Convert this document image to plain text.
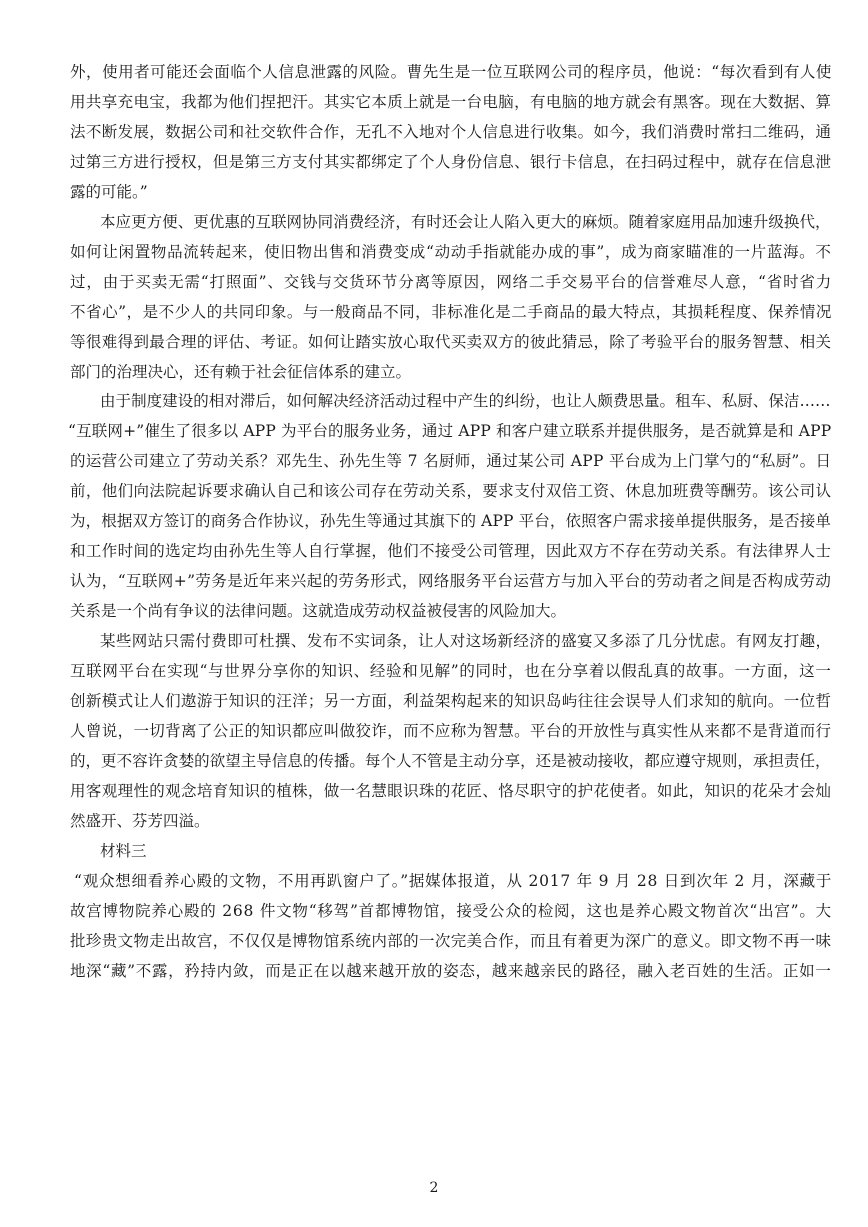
外，使用者可能还会面临个人信息泄露的风险。曹先生是一位互联网公司的程序员，他说：“每次看到有人使
用共享充电宝，我都为他们捏把汗。其实它本质上就是一台电脑，有电脑的地方就会有黑客。现在大数据、算
法不断发展，数据公司和社交软件合作，无孔不入地对个人信息进行收集。如今，我们消费时常扫二维码，通
过第三方进行授权，但是第三方支付其实都绑定了个人身份信息、银行卡信息，在扫码过程中，就存在信息泄
露的可能。”
本应更方便、更优惠的互联网协同消费经济，有时还会让人陷入更大的麻烦。随着家庭用品加速升级换代，
如何让闲置物品流转起来，使旧物出售和消费变成“动动手指就能办成的事”，成为商家瞄准的一片蓝海。不
过，由于买卖无需“打照面”、交钱与交货环节分离等原因，网络二手交易平台的信誉难尽人意，“省时省力
不省心”，是不少人的共同印象。与一般商品不同，非标准化是二手商品的最大特点，其损耗程度、保养情况
等很难得到最合理的评估、考证。如何让踏实放心取代买卖双方的彼此猜忌，除了考验平台的服务智慧、相关
部门的治理决心，还有赖于社会征信体系的建立。
由于制度建设的相对滞后，如何解决经济活动过程中产生的纠纷，也让人颇费思量。租车、私厨、保洁……
“互联网+”催生了很多以 APP 为平台的服务业务，通过 APP 和客户建立联系并提供服务，是否就算是和 APP
的运营公司建立了劳动关系？邓先生、孙先生等 7 名厨师，通过某公司 APP 平台成为上门掌勺的“私厨”。日
前，他们向法院起诉要求确认自己和该公司存在劳动关系，要求支付双倍工资、休息加班费等酬劳。该公司认
为，根据双方签订的商务合作协议，孙先生等通过其旗下的 APP 平台，依照客户需求接单提供服务，是否接单
和工作时间的选定均由孙先生等人自行掌握，他们不接受公司管理，因此双方不存在劳动关系。有法律界人士
认为，“互联网+”劳务是近年来兴起的劳务形式，网络服务平台运营方与加入平台的劳动者之间是否构成劳动
关系是一个尚有争议的法律问题。这就造成劳动权益被侵害的风险加大。
某些网站只需付费即可杜撰、发布不实词条，让人对这场新经济的盛宴又多添了几分忧虑。有网友打趣，
互联网平台在实现“与世界分享你的知识、经验和见解”的同时，也在分享着以假乱真的故事。一方面，这一
创新模式让人们遨游于知识的汪洋；另一方面，利益架构起来的知识岛屿往往会误导人们求知的航向。一位哲
人曾说，一切背离了公正的知识都应叫做狡诈，而不应称为智慧。平台的开放性与真实性从来都不是背道而行
的，更不容许贪婪的欲望主导信息的传播。每个人不管是主动分享，还是被动接收，都应遵守规则，承担责任，
用客观理性的观念培育知识的植株，做一名慧眼识珠的花匠、恪尽职守的护花使者。如此，知识的花朵才会灿
然盛开、芬芳四溢。
材料三
“观众想细看养心殿的文物，不用再趴窗户了。”据媒体报道，从 2017 年 9 月 28 日到次年 2 月，深藏于
故宫博物院养心殿的 268 件文物“移驾”首都博物馆，接受公众的检阅，这也是养心殿文物首次“出宫”。大
批珍贵文物走出故宫，不仅仅是博物馆系统内部的一次完美合作，而且有着更为深广的意义。即文物不再一味
地深“藏”不露，矜持内敛，而是正在以越来越开放的姿态，越来越亲民的路径，融入老百姓的生活。正如一
2
